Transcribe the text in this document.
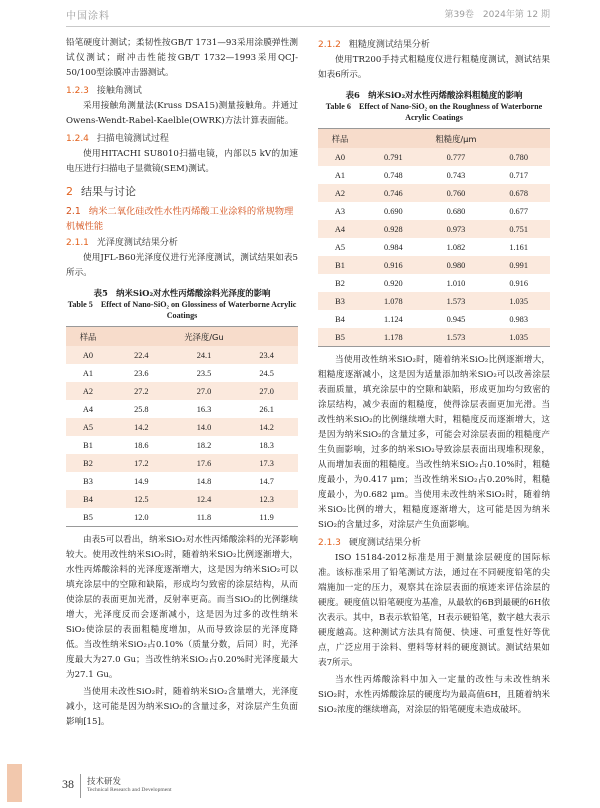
中国涂料	第39卷　2024年第 12 期

铅笔硬度计测试；柔韧性按GB/T 1731—93采用涂膜弹性测试仪测试；耐冲击性能按GB/T 1732—1993采用QCJ-50/100型涂膜冲击器测试。

1.2.3 接触角测试

采用接触角测量法(Kruss DSA15)测量接触角。并通过Owens-Wendt-Rabel-Kaelble(OWRK)方法计算表面能。

1.2.4 扫描电镜测试过程

使用HITACHI SU8010扫描电镜，内部以5 kV的加速电压进行扫描电子显微镜(SEM)测试。

2 结果与讨论
2.1 纳米二氧化硅改性水性丙烯酸工业涂料的常规物理机械性能
2.1.1 光泽度测试结果分析

使用JFL-B60光泽度仪进行光泽度测试，测试结果如表5所示。

表5　纳米SiO₂对水性丙烯酸涂料光泽度的影响
Table 5　Effect of Nano-SiO₂ on Glossiness of Waterborne Acrylic Coatings
样品	光泽度/Gu		
A0	22.4	24.1	23.4
A1	23.6	23.5	24.5
A2	27.2	27.0	27.0
A4	25.8	16.3	26.1
A5	14.2	14.0	14.2
B1	18.6	18.2	18.3
B2	17.2	17.6	17.3
B3	14.9	14.8	14.7
B4	12.5	12.4	12.3
B5	12.0	11.8	11.9

由表5可以看出，纳米SiO₂对水性丙烯酸涂料的光泽影响较大。使用改性纳米SiO₂时，随着纳米SiO₂比例逐渐增大，水性丙烯酸涂料的光泽度逐渐增大，这是因为纳米SiO₂可以填充涂层中的空隙和缺陷，形成均匀致密的涂层结构，从而使涂层的表面更加光滑，反射率更高。而当SiO₂的比例继续增大，光泽度反而会逐渐减小，这是因为过多的改性纳米SiO₂使涂层的表面粗糙度增加，从而导致涂层的光泽度降低。当改性纳米SiO₂占0.10%（质量分数，后同）时，光泽度最大为27.0 Gu；当改性纳米SiO₂占0.20%时光泽度最大为27.1 Gu。

当使用未改性SiO₂时，随着纳米SiO₂含量增大，光泽度减小，这可能是因为纳米SiO₂的含量过多，对涂层产生负面影响[15]。

2.1.2 粗糙度测试结果分析

使用TR200手持式粗糙度仪进行粗糙度测试，测试结果如表6所示。

表6　纳米SiO₂对水性丙烯酸涂料粗糙度的影响
Table 6　Effect of Nano-SiO₂ on the Roughness of Waterborne Acrylic Coatings
样品	粗糙度/μm		
A0	0.791	0.777	0.780
A1	0.748	0.743	0.717
A2	0.746	0.760	0.678
A3	0.690	0.680	0.677
A4	0.928	0.973	0.751
A5	0.984	1.082	1.161
B1	0.916	0.980	0.991
B2	0.920	1.010	0.916
B3	1.078	1.573	1.035
B4	1.124	0.945	0.983
B5	1.178	1.573	1.035

当使用改性纳米SiO₂时，随着纳米SiO₂比例逐渐增大，粗糙度逐渐减小，这是因为适量添加纳米SiO₂可以改善涂层表面质量，填充涂层中的空隙和缺陷，形成更加均匀致密的涂层结构，减少表面的粗糙度，使得涂层表面更加光滑。当改性纳米SiO₂的比例继续增大时，粗糙度反而逐渐增大，这是因为纳米SiO₂的含量过多，可能会对涂层表面的粗糙度产生负面影响，过多的纳米SiO₂导致涂层表面出现堆积现象，从而增加表面的粗糙度。当改性纳米SiO₂占0.10%时，粗糙度最小，为0.417 μm；当改性纳米SiO₂占0.20%时，粗糙度最小，为0.682 μm。当使用未改性纳米SiO₂时，随着纳米SiO₂比例的增大，粗糙度逐渐增大，这可能是因为纳米SiO₂的含量过多，对涂层产生负面影响。

2.1.3 硬度测试结果分析

ISO 15184-2012标准是用于测量涂层硬度的国际标准。该标准采用了铅笔测试方法，通过在不同硬度铅笔的尖端施加一定的压力，观察其在涂层表面的痕迹来评估涂层的硬度。硬度值以铅笔硬度为基准，从最软的6B到最硬的6H依次表示。其中，B表示软铅笔，H表示硬铅笔，数字越大表示硬度越高。这种测试方法具有简便、快速、可重复性好等优点，广泛应用于涂料、塑料等材料的硬度测试。测试结果如表7所示。

当水性丙烯酸涂料中加入一定量的改性与未改性纳米SiO₂时，水性丙烯酸涂层的硬度均为最高值6H，且随着纳米SiO₂浓度的继续增高，对涂层的铅笔硬度未造成破坏。

38 技术研发
Technical Research and Development
